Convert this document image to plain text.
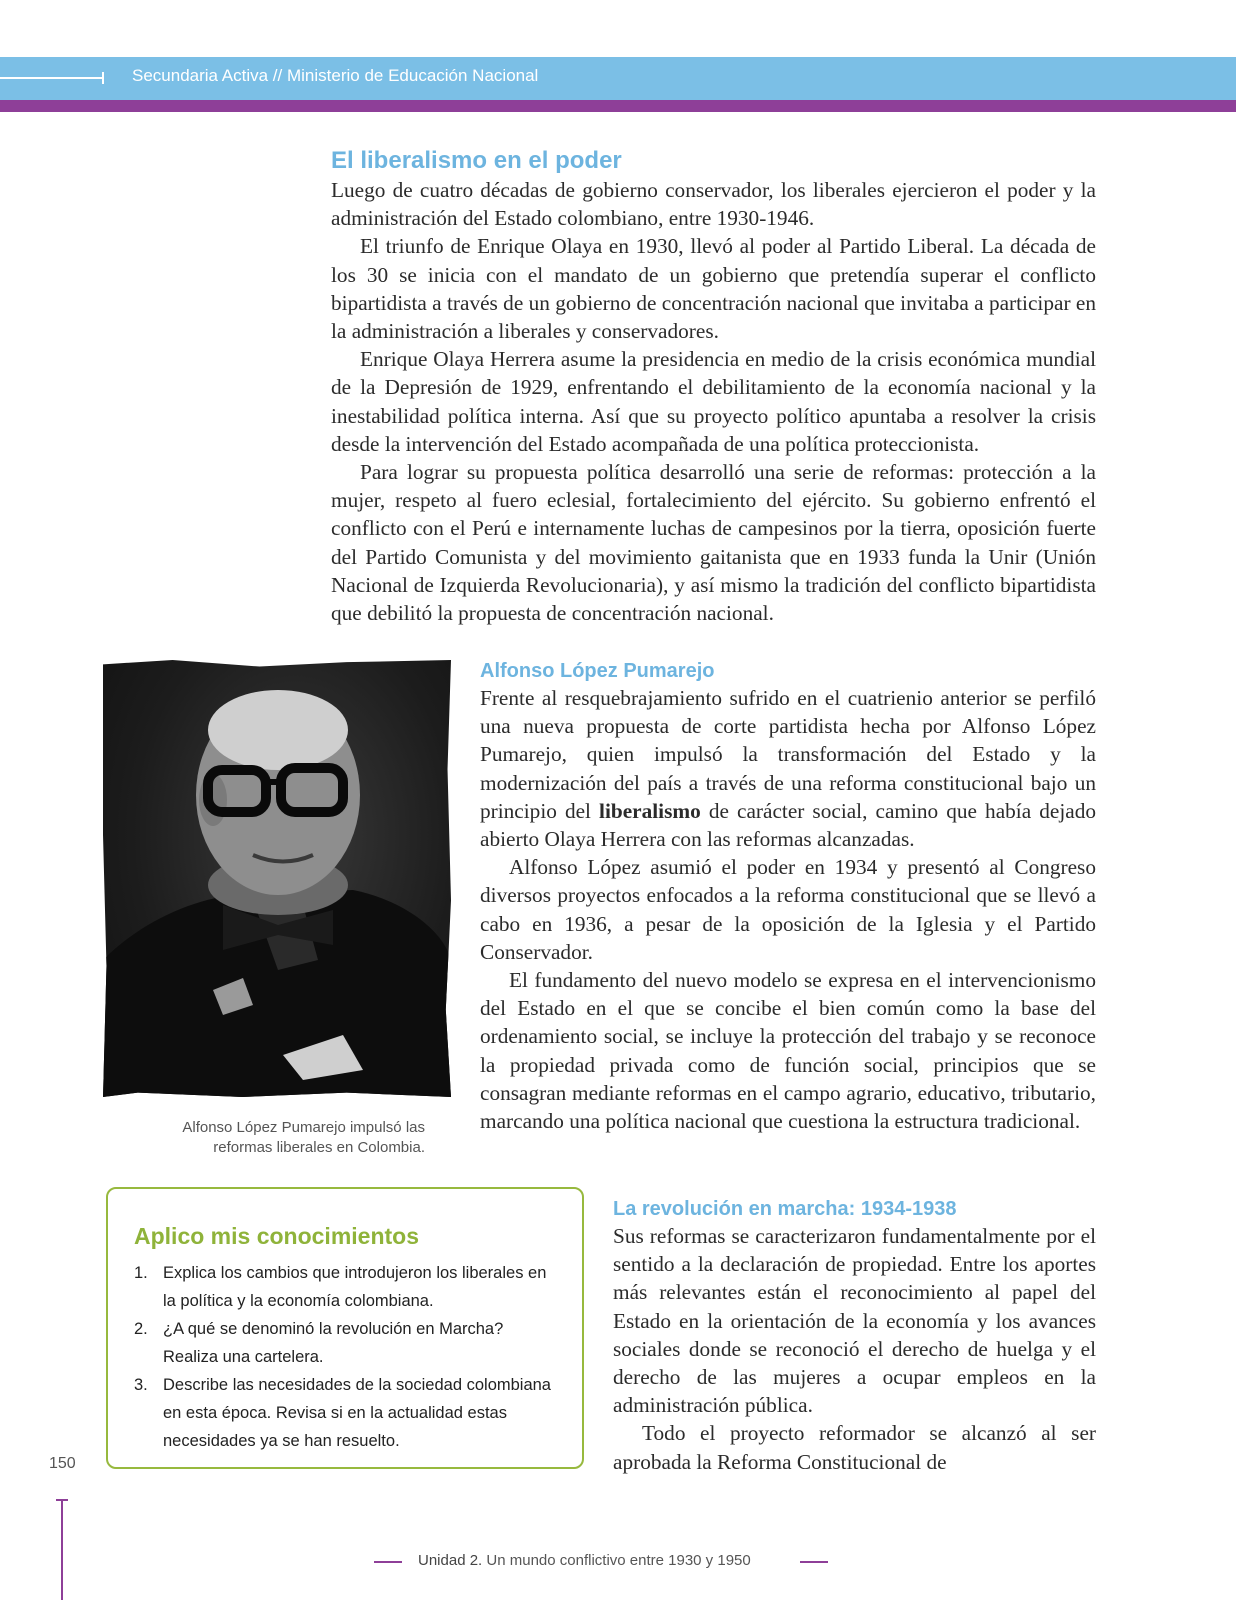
Secundaria Activa // Ministerio de Educación Nacional
El liberalismo en el poder

Luego de cuatro décadas de gobierno conservador, los liberales ejercieron el poder y la administración del Estado colombiano, entre 1930-1946.

El triunfo de Enrique Olaya en 1930, llevó al poder al Partido Liberal. La década de los 30 se inicia con el mandato de un gobierno que pretendía superar el conflicto bipartidista a través de un gobierno de concentración nacional que invitaba a participar en la administración a liberales y conservadores.

Enrique Olaya Herrera asume la presidencia en medio de la crisis económica mundial de la Depresión de 1929, enfrentando el debilitamiento de la economía nacional y la inestabilidad política interna. Así que su proyecto político apuntaba a resolver la crisis desde la intervención del Estado acompañada de una política proteccionista.

Para lograr su propuesta política desarrolló una serie de reformas: protección a la mujer, respeto al fuero eclesial, fortalecimiento del ejército. Su gobierno enfrentó el conflicto con el Perú e internamente luchas de campesinos por la tierra, oposición fuerte del Partido Comunista y del movimiento gaitanista que en 1933 funda la Unir (Unión Nacional de Izquierda Revolucionaria), y así mismo la tradición del conflicto bipartidista que debilitó la propuesta de concentración nacional.

Alfonso López Pumarejo impulsó las reformas liberales en Colombia.
Alfonso López Pumarejo

Frente al resquebrajamiento sufrido en el cuatrienio anterior se perfiló una nueva propuesta de corte partidista hecha por Alfonso López Pumarejo, quien impulsó la transformación del Estado y la modernización del país a través de una reforma constitucional bajo un principio del liberalismo de carácter social, camino que había dejado abierto Olaya Herrera con las reformas alcanzadas.

Alfonso López asumió el poder en 1934 y presentó al Congreso diversos proyectos enfocados a la reforma constitucional que se llevó a cabo en 1936, a pesar de la oposición de la Iglesia y el Partido Conservador.

El fundamento del nuevo modelo se expresa en el intervencionismo del Estado en el que se concibe el bien común como la base del ordenamiento social, se incluye la protección del trabajo y se reconoce la propiedad privada como de función social, principios que se consagran mediante reformas en el campo agrario, educativo, tributario, marcando una política nacional que cuestiona la estructura tradicional.

Aplico mis conocimientos
1. Explica los cambios que introdujeron los liberales en la política y la economía colombiana.
2. ¿A qué se denominó la revolución en Marcha? Realiza una cartelera.
3. Describe las necesidades de la sociedad colombiana en esta época. Revisa si en la actualidad estas necesidades ya se han resuelto.
La revolución en marcha: 1934-1938

Sus reformas se caracterizaron fundamentalmente por el sentido a la declaración de propiedad. Entre los aportes más relevantes están el reconocimiento al papel del Estado en la orientación de la economía y los avances sociales donde se reconoció el derecho de huelga y el derecho de las mujeres a ocupar empleos en la administración pública.

Todo el proyecto reformador se alcanzó al ser aprobada la Reforma Constitucional de

150
Unidad 2. Un mundo conflictivo entre 1930 y 1950
